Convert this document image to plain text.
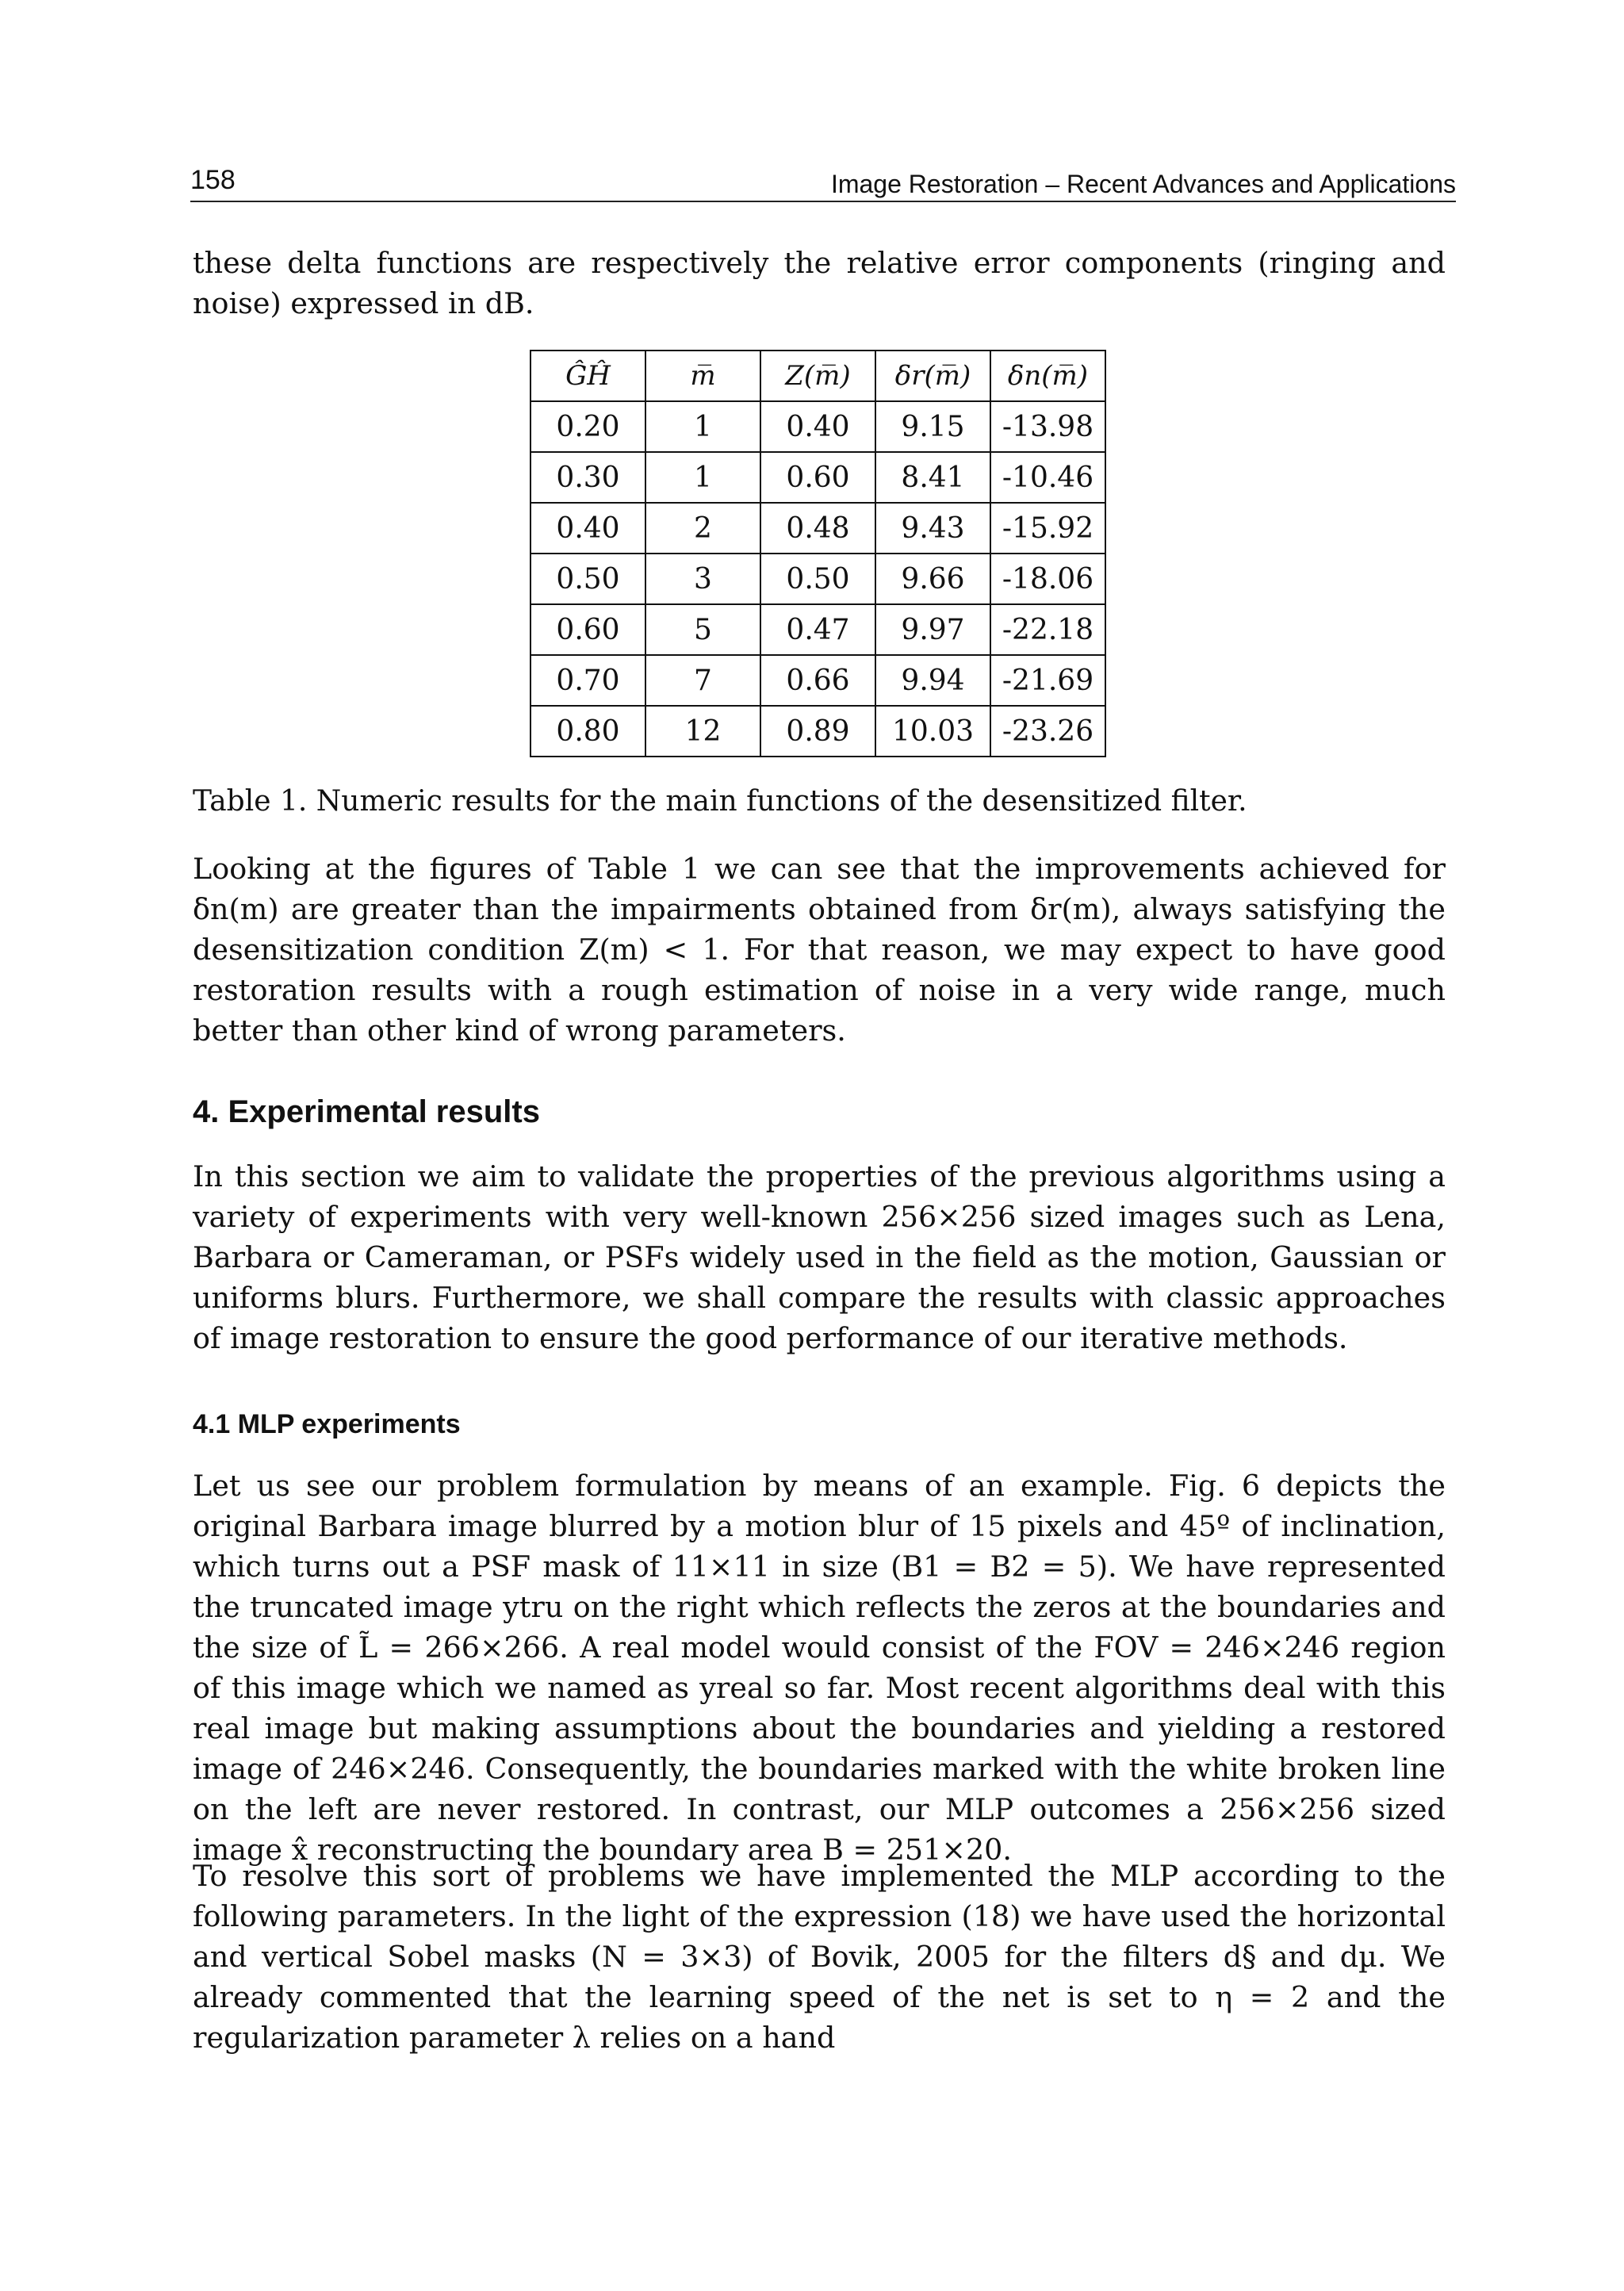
158	Image Restoration – Recent Advances and Applications

these delta functions are respectively the relative error components (ringing and noise) expressed in dB.

ĜĤ	m̅	Z(m̅)	δr(m̅)	δn(m̅)
0.20	1	0.40	9.15	-13.98
0.30	1	0.60	8.41	-10.46
0.40	2	0.48	9.43	-15.92
0.50	3	0.50	9.66	-18.06
0.60	5	0.47	9.97	-22.18
0.70	7	0.66	9.94	-21.69
0.80	12	0.89	10.03	-23.26
Table 1. Numeric results for the main functions of the desensitized filter.

Looking at the figures of Table 1 we can see that the improvements achieved for δn(m) are greater than the impairments obtained from δr(m), always satisfying the desensitization condition Z(m) < 1. For that reason, we may expect to have good restoration results with a rough estimation of noise in a very wide range, much better than other kind of wrong parameters.

4. Experimental results

In this section we aim to validate the properties of the previous algorithms using a variety of experiments with very well-known 256×256 sized images such as Lena, Barbara or Cameraman, or PSFs widely used in the field as the motion, Gaussian or uniforms blurs. Furthermore, we shall compare the results with classic approaches of image restoration to ensure the good performance of our iterative methods.

4.1 MLP experiments

Let us see our problem formulation by means of an example. Fig. 6 depicts the original Barbara image blurred by a motion blur of 15 pixels and 45º of inclination, which turns out a PSF mask of 11×11 in size (B1 = B2 = 5). We have represented the truncated image ytru on the right which reflects the zeros at the boundaries and the size of L̃ = 266×266. A real model would consist of the FOV = 246×246 region of this image which we named as yreal so far. Most recent algorithms deal with this real image but making assumptions about the boundaries and yielding a restored image of 246×246. Consequently, the boundaries marked with the white broken line on the left are never restored. In contrast, our MLP outcomes a 256×256 sized image x̂ reconstructing the boundary area B = 251×20.

To resolve this sort of problems we have implemented the MLP according to the following parameters. In the light of the expression (18) we have used the horizontal and vertical Sobel masks (N = 3×3) of Bovik, 2005 for the filters d§ and dµ. We already commented that the learning speed of the net is set to η = 2 and the regularization parameter λ relies on a hand
